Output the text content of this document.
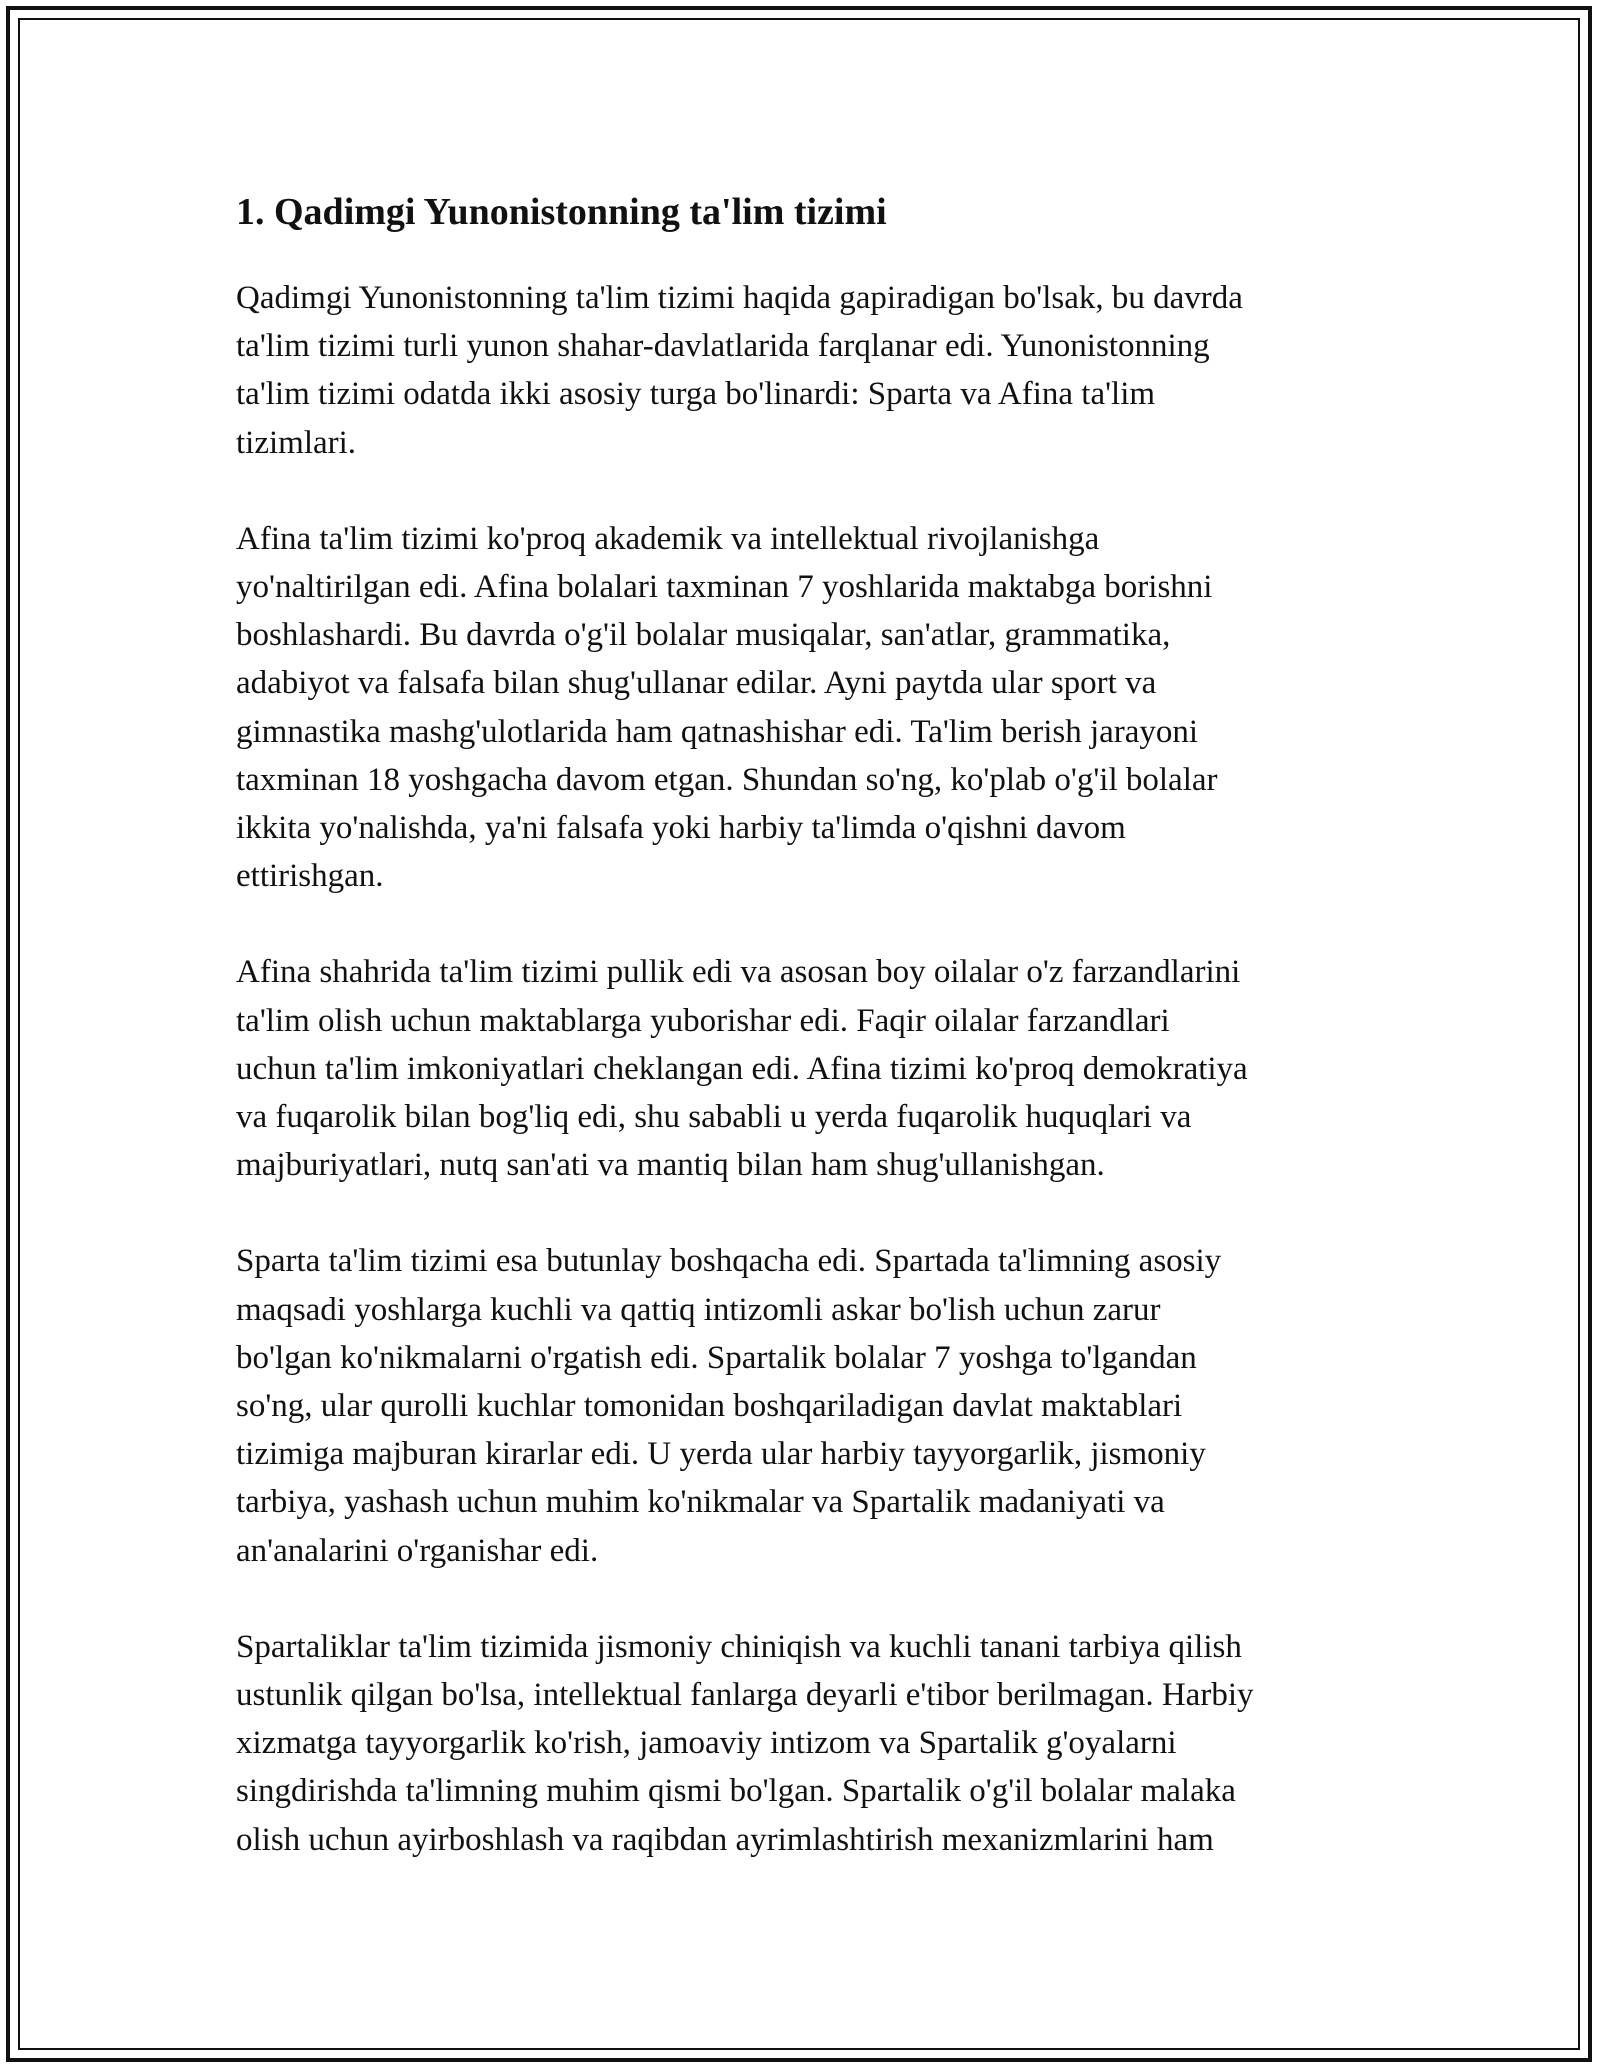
1. Qadimgi Yunonistonning ta'lim tizimi

Qadimgi Yunonistonning ta'lim tizimi haqida gapiradigan bo'lsak, bu davrda
ta'lim tizimi turli yunon shahar-davlatlarida farqlanar edi. Yunonistonning
ta'lim tizimi odatda ikki asosiy turga bo'linardi: Sparta va Afina ta'lim
tizimlari.

Afina ta'lim tizimi ko'proq akademik va intellektual rivojlanishga
yo'naltirilgan edi. Afina bolalari taxminan 7 yoshlarida maktabga borishni
boshlashardi. Bu davrda o'g'il bolalar musiqalar, san'atlar, grammatika,
adabiyot va falsafa bilan shug'ullanar edilar. Ayni paytda ular sport va
gimnastika mashg'ulotlarida ham qatnashishar edi. Ta'lim berish jarayoni
taxminan 18 yoshgacha davom etgan. Shundan so'ng, ko'plab o'g'il bolalar
ikkita yo'nalishda, ya'ni falsafa yoki harbiy ta'limda o'qishni davom
ettirishgan.

Afina shahrida ta'lim tizimi pullik edi va asosan boy oilalar o'z farzandlarini
ta'lim olish uchun maktablarga yuborishar edi. Faqir oilalar farzandlari
uchun ta'lim imkoniyatlari cheklangan edi. Afina tizimi ko'proq demokratiya
va fuqarolik bilan bog'liq edi, shu sababli u yerda fuqarolik huquqlari va
majburiyatlari, nutq san'ati va mantiq bilan ham shug'ullanishgan.

Sparta ta'lim tizimi esa butunlay boshqacha edi. Spartada ta'limning asosiy
maqsadi yoshlarga kuchli va qattiq intizomli askar bo'lish uchun zarur
bo'lgan ko'nikmalarni o'rgatish edi. Spartalik bolalar 7 yoshga to'lgandan
so'ng, ular qurolli kuchlar tomonidan boshqariladigan davlat maktablari
tizimiga majburan kirarlar edi. U yerda ular harbiy tayyorgarlik, jismoniy
tarbiya, yashash uchun muhim ko'nikmalar va Spartalik madaniyati va
an'analarini o'rganishar edi.

Spartaliklar ta'lim tizimida jismoniy chiniqish va kuchli tanani tarbiya qilish
ustunlik qilgan bo'lsa, intellektual fanlarga deyarli e'tibor berilmagan. Harbiy
xizmatga tayyorgarlik ko'rish, jamoaviy intizom va Spartalik g'oyalarni
singdirishda ta'limning muhim qismi bo'lgan. Spartalik o'g'il bolalar malaka
olish uchun ayirboshlash va raqibdan ayrimlashtirish mexanizmlarini ham
